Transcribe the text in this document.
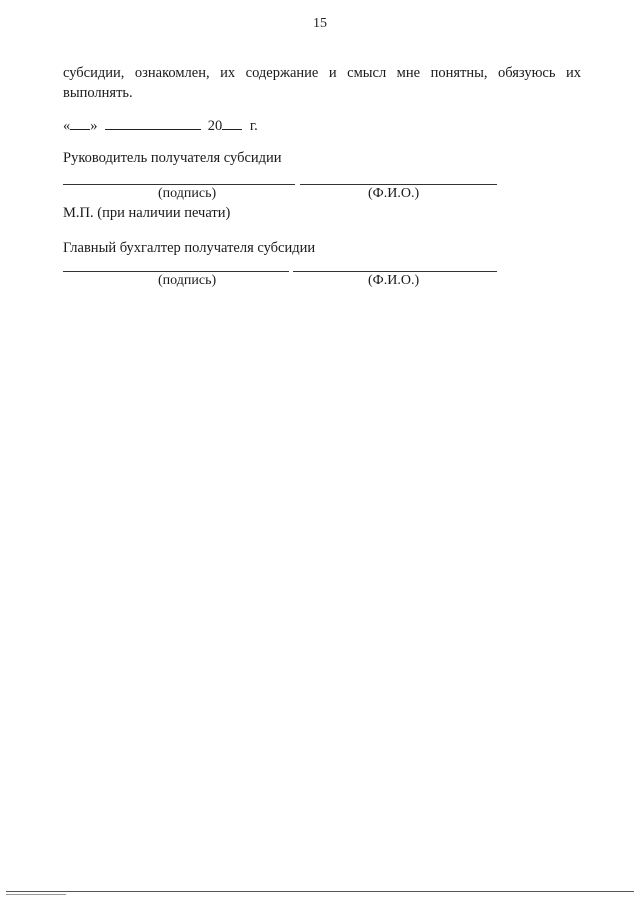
15
субсидии, ознакомлен, их содержание и смысл мне понятны, обязуюсь их выполнять.
« »	20 г.
Руководитель получателя субсидии
(подпись)	(Ф.И.О.)
М.П. (при наличии печати)
Главный бухгалтер получателя субсидии
(подпись)	(Ф.И.О.)
